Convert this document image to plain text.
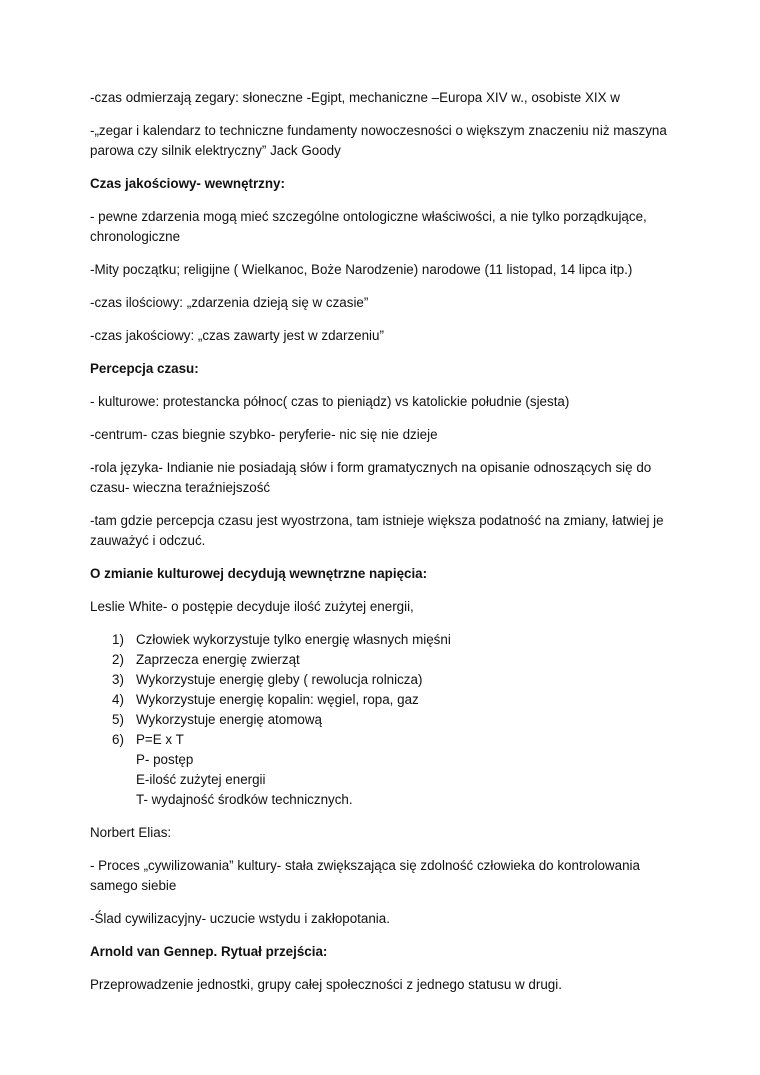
-czas odmierzają zegary: słoneczne -Egipt, mechaniczne –Europa XIV w., osobiste XIX w

-„zegar i kalendarz to techniczne fundamenty nowoczesności o większym znaczeniu niż maszyna parowa czy silnik elektryczny” Jack Goody

Czas jakościowy- wewnętrzny:

- pewne zdarzenia mogą mieć szczególne ontologiczne właściwości, a nie tylko porządkujące, chronologiczne

-Mity początku; religijne ( Wielkanoc, Boże Narodzenie) narodowe (11 listopad, 14 lipca itp.)

-czas ilościowy: „zdarzenia dzieją się w czasie”

-czas jakościowy: „czas zawarty jest w zdarzeniu”

Percepcja czasu:

- kulturowe: protestancka północ( czas to pieniądz) vs katolickie południe (sjesta)

-centrum- czas biegnie szybko- peryferie- nic się nie dzieje

-rola języka- Indianie nie posiadają słów i form gramatycznych na opisanie odnoszących się do czasu- wieczna teraźniejszość

-tam gdzie percepcja czasu jest wyostrzona, tam istnieje większa podatność na zmiany, łatwiej je zauważyć i odczuć.

O zmianie kulturowej decydują wewnętrzne napięcia:

Leslie White- o postępie decyduje ilość zużytej energii,

1) Człowiek wykorzystuje tylko energię własnych mięśni
2) Zaprzecza energię zwierząt
3) Wykorzystuje energię gleby ( rewolucja rolnicza)
4) Wykorzystuje energię kopalin: węgiel, ropa, gaz
5) Wykorzystuje energię atomową
6) P=E x T
P- postęp
E-ilość zużytej energii
T- wydajność środków technicznych.

Norbert Elias:

- Proces „cywilizowania” kultury- stała zwiększająca się zdolność człowieka do kontrolowania samego siebie

-Ślad cywilizacyjny- uczucie wstydu i zakłopotania.

Arnold van Gennep. Rytuał przejścia:

Przeprowadzenie jednostki, grupy całej społeczności z jednego statusu w drugi.
